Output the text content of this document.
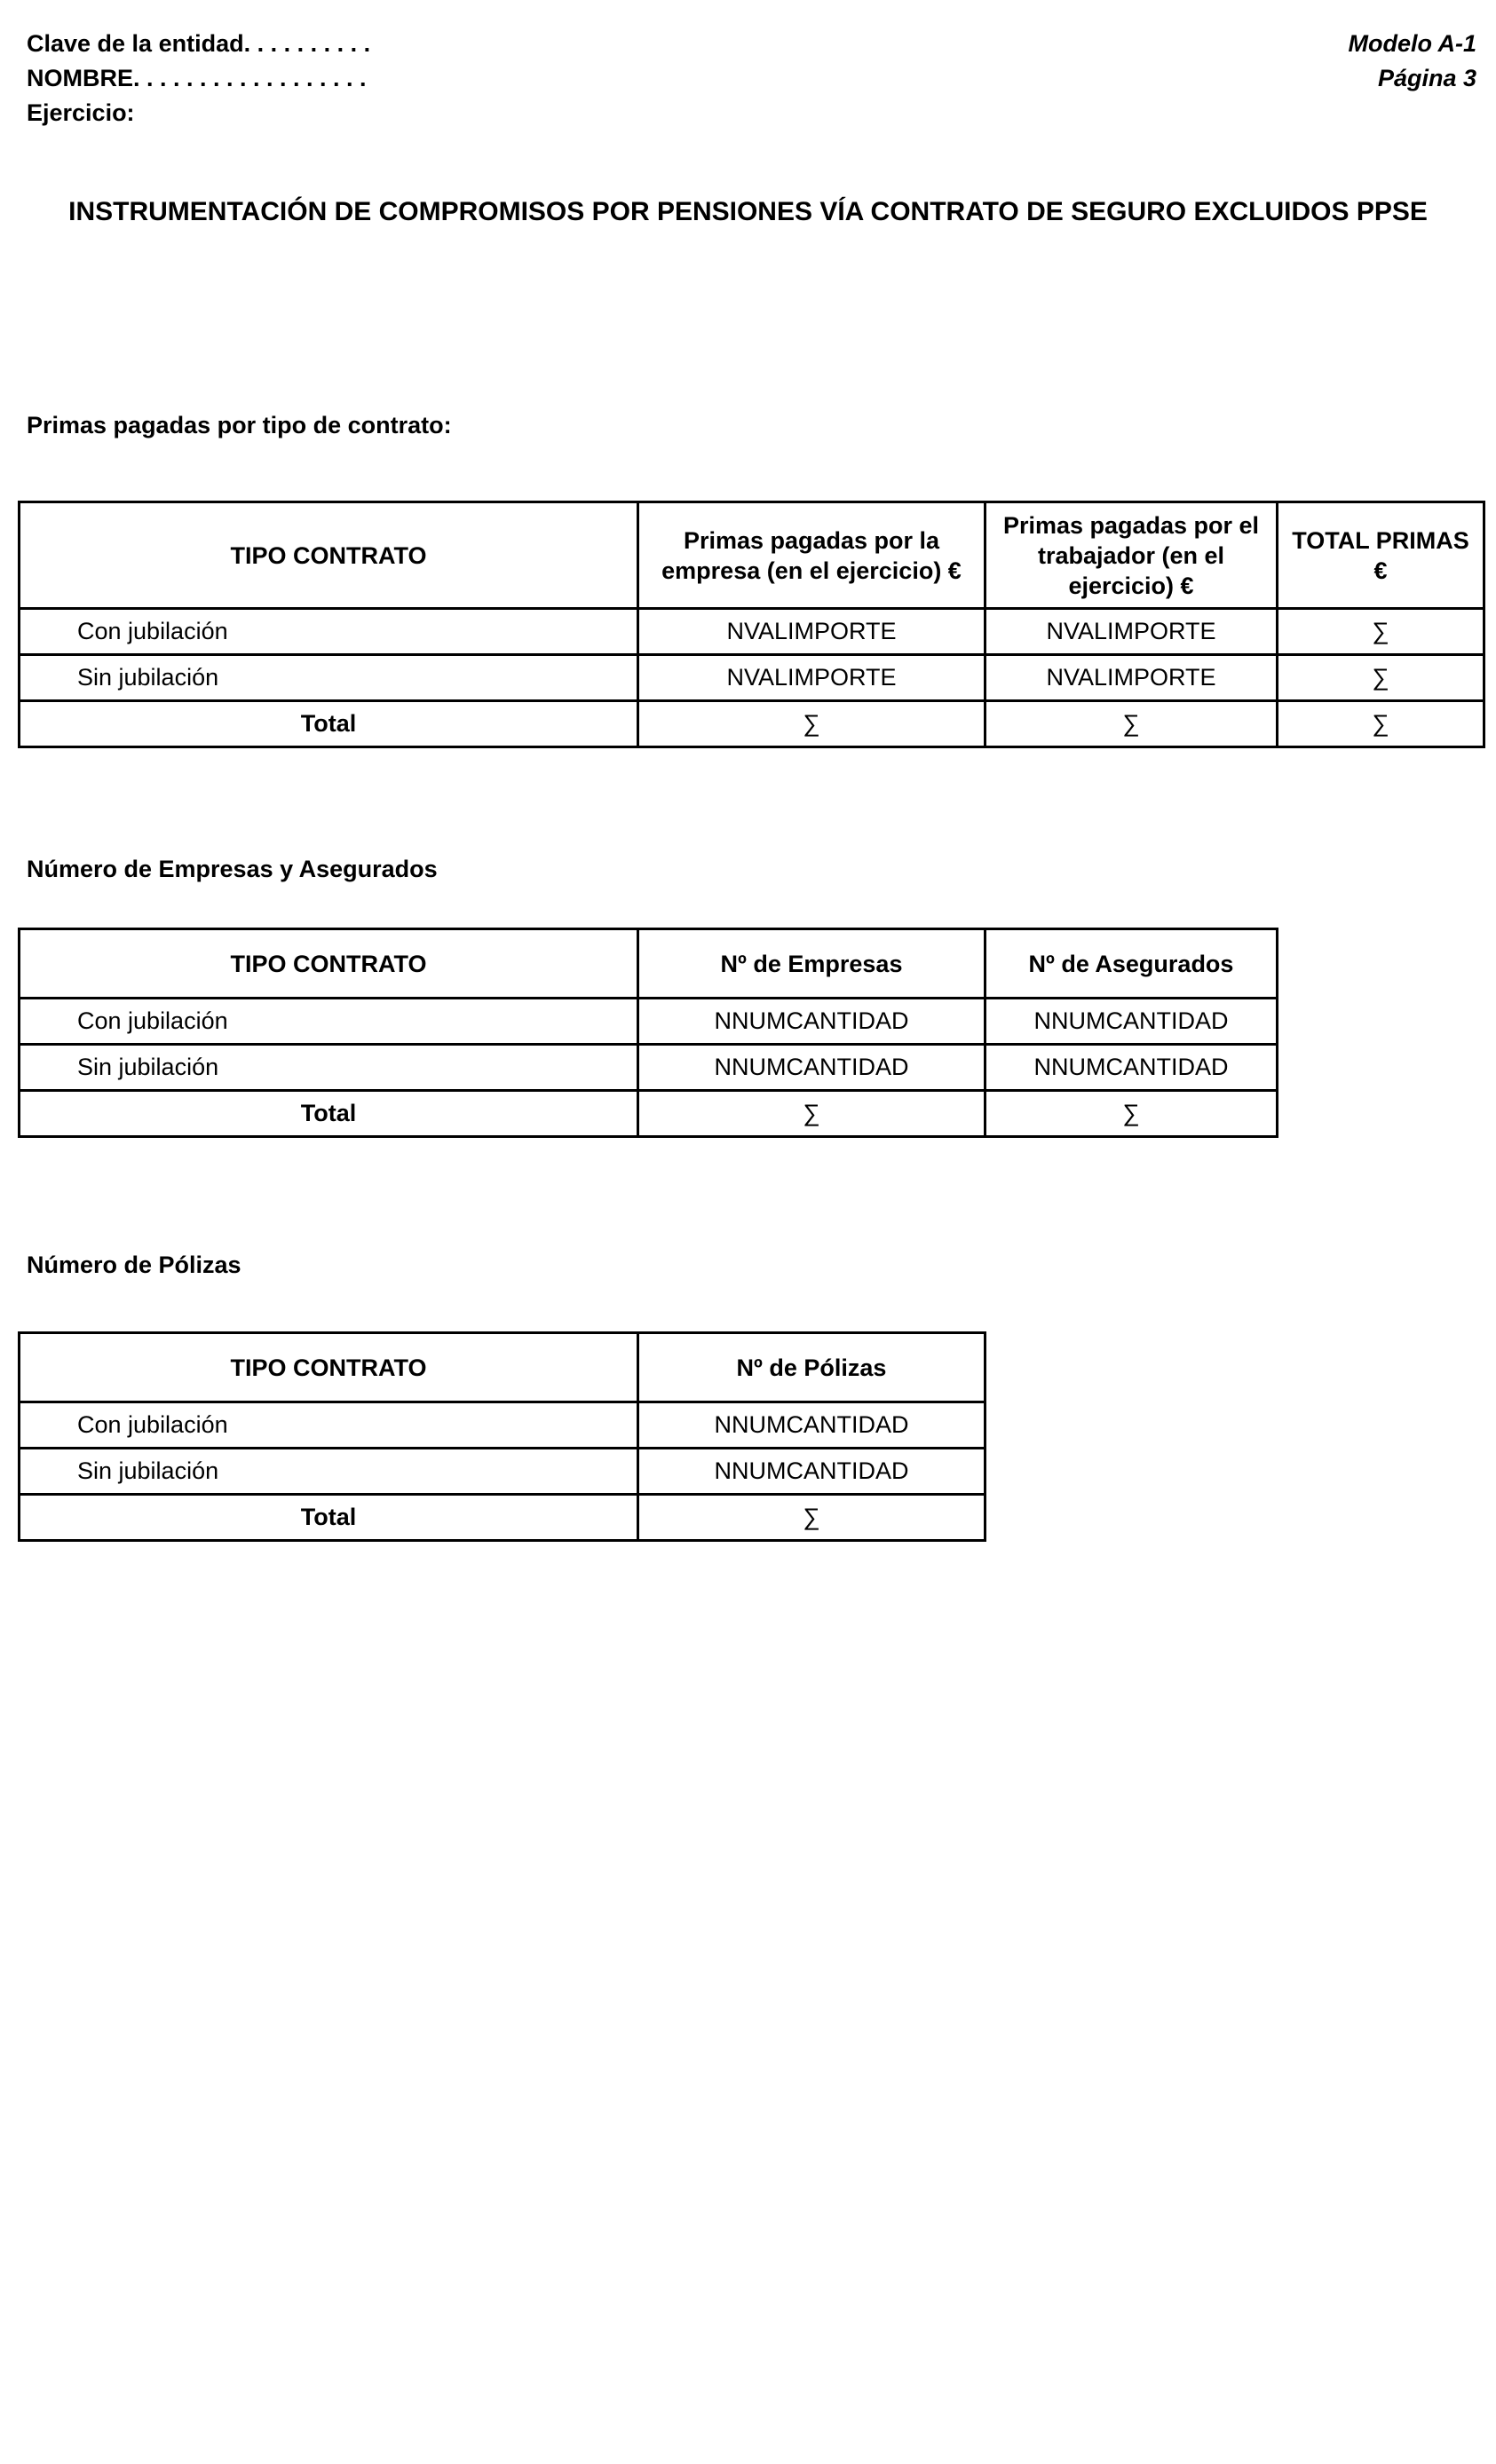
Clave de la entidad. . . . . . . . . .
NOMBRE. . . . . . . . . . . . . . . . . .
Ejercicio:
Modelo A-1
Página 3
INSTRUMENTACIÓN DE COMPROMISOS POR PENSIONES VÍA CONTRATO DE SEGURO EXCLUIDOS PPSE
Primas pagadas por tipo de contrato:
TIPO CONTRATO	Primas pagadas por la empresa (en el ejercicio) €	Primas pagadas por el trabajador (en el ejercicio) €	TOTAL PRIMAS €
Con jubilación	NVALIMPORTE	NVALIMPORTE	∑
Sin jubilación	NVALIMPORTE	NVALIMPORTE	∑
Total	∑	∑	∑
Número de Empresas y Asegurados
TIPO CONTRATO	Nº de Empresas	Nº de Asegurados
Con jubilación	NNUMCANTIDAD	NNUMCANTIDAD
Sin jubilación	NNUMCANTIDAD	NNUMCANTIDAD
Total	∑	∑
Número de Pólizas
TIPO CONTRATO	Nº de Pólizas
Con jubilación	NNUMCANTIDAD
Sin jubilación	NNUMCANTIDAD
Total	∑
